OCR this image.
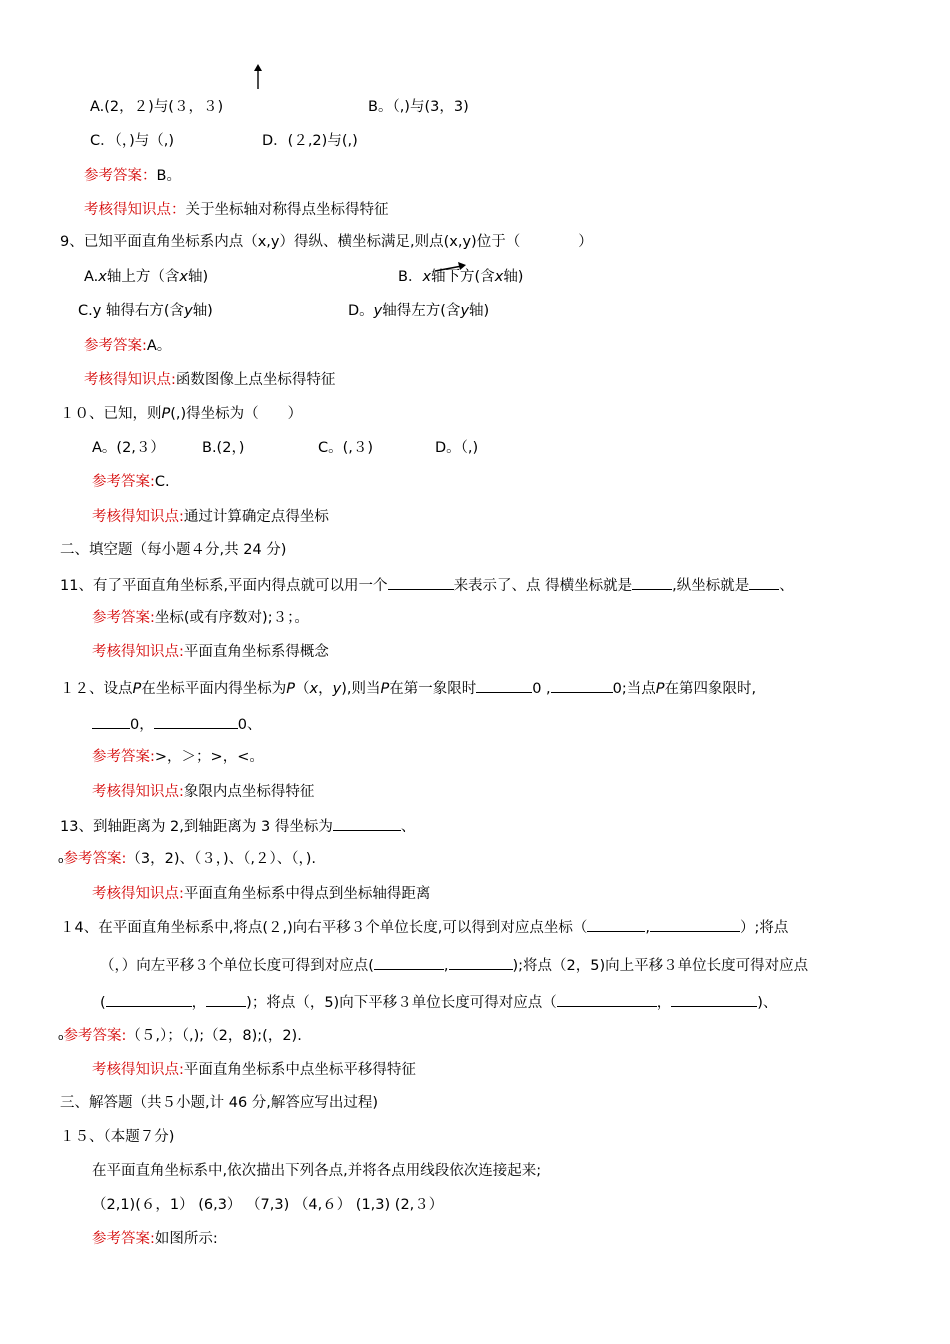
A.(2，２)与(３，３)	B。（,)与(3，3)
C．（，)与（,)	D．(２,2)与(,)
参考答案：B。
考核得知识点：关于坐标轴对称得点坐标得特征
9、已知平面直角坐标系内点（x,y）得纵、横坐标满足,则点(x,y)位于（	）
A.x轴上方（含x轴)	B．x轴下方(含x轴)
C.y 轴得右方(含y轴)	D。y轴得左方(含y轴)
参考答案:A。
考核得知识点:函数图像上点坐标得特征
１０、已知，则P(,)得坐标为（　　）
A。(2,３）	B.(2，)	C。(,３)	D。（,)
参考答案:C.
考核得知识点:通过计算确定点得坐标
二、填空题（每小题４分,共 24 分)
11、有了平面直角坐标系,平面内得点就可以用一个	来表示了、点 得横坐标就是	,纵坐标就是 、
参考答案:坐标(或有序数对);３；。
考核得知识点:平面直角坐标系得概念
１２、设点P在坐标平面内得坐标为P（x，y),则当P在第一象限时	0 ,	0;当点P在第四象限时,
0，	0、
参考答案:>，＞；>，<。
考核得知识点:象限内点坐标得特征
13、到轴距离为 2,到轴距离为 3 得坐标为	、
o参考答案:（3，2)、（３，)、（,２）、（，).
考核得知识点:平面直角坐标系中得点到坐标轴得距离
１4、在平面直角坐标系中,将点(２,)向右平移３个单位长度,可以得到对应点坐标（	,	）;将点
（，）向左平移３个单位长度可得到对应点(	,	);将点（2，5)向上平移３单位长度可得对应点
(	，	)；将点（，5)向下平移３单位长度可得对应点（	，	)、
o参考答案:（５,）；（,);（2，8);(，2).
考核得知识点:平面直角坐标系中点坐标平移得特征
三、解答题（共５小题,计 46 分,解答应写出过程)
１５、（本题７分)
在平面直角坐标系中,依次描出下列各点,并将各点用线段依次连接起来;
（2,1)(６，1） (6,3） （7,3) （4,６） (1,3) (2,３）
参考答案:如图所示:
